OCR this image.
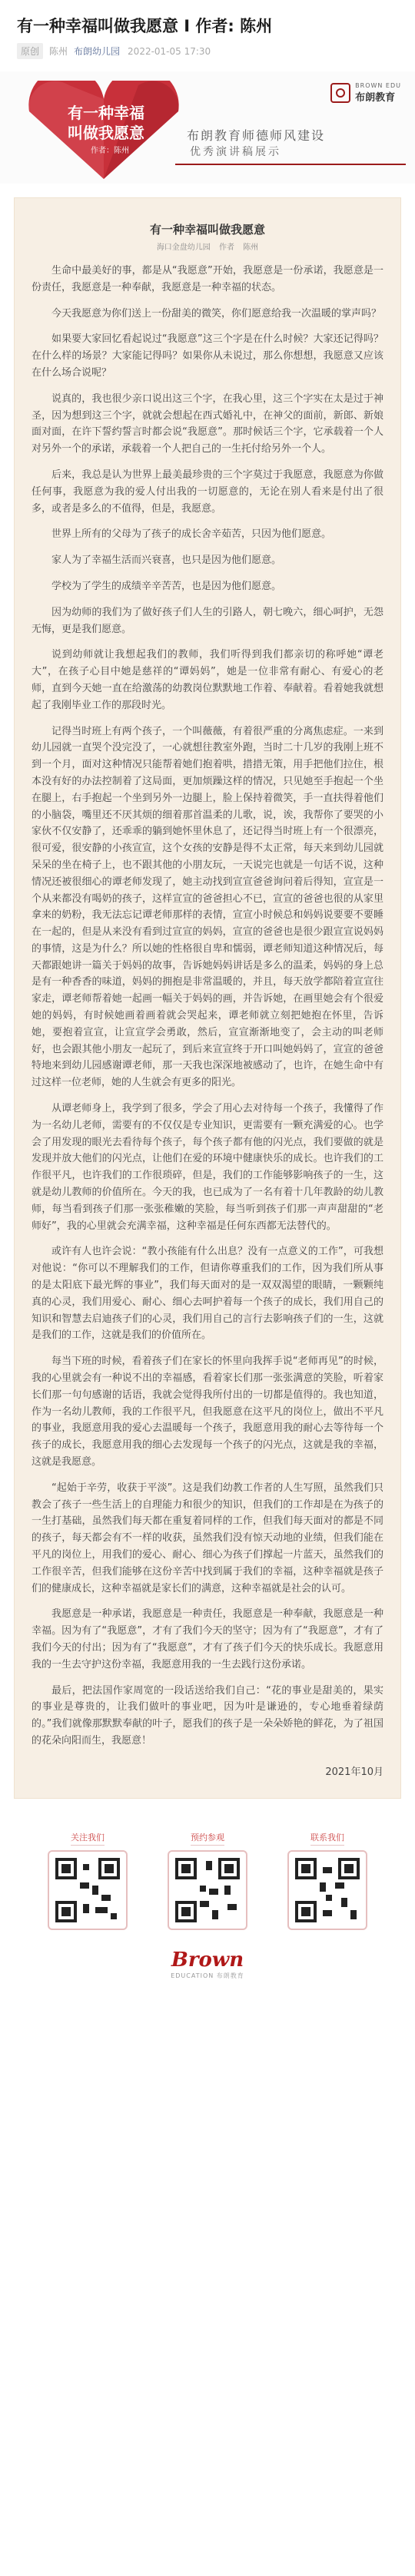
有一种幸福叫做我愿意 I 作者: 陈州
原创	陈州 布朗幼儿园 2022-01-05 17:30
有一种幸福
叫做我愿意
作者：陈州
BROWN EDU
布朗教育
布朗教育师德师风建设
优秀演讲稿展示
有一种幸福叫做我愿意
海口金盘幼儿园 作者 陈州

生命中最美好的事，都是从“我愿意”开始，我愿意是一份承诺，我愿意是一份责任，我愿意是一种奉献，我愿意是一种幸福的状态。

今天我愿意为你们送上一份甜美的微笑，你们愿意给我一次温暖的掌声吗？

如果要大家回忆看起说过“我愿意”这三个字是在什么时候？大家还记得吗？在什么样的场景？大家能记得吗？如果你从未说过，那么你想想，我愿意又应该在什么场合说呢？

说真的，我也很少亲口说出这三个字，在我心里，这三个字实在太是过于神圣，因为想到这三个字，就就会想起在西式婚礼中，在神父的面前，新郎、新娘面对面，在许下誓约誓言时都会说“我愿意”。那时候话三个字，它承载着一个人对另外一个的承诺，承载着一个人把自己的一生托付给另外一个人。

后来，我总是认为世界上最美最珍贵的三个字莫过于我愿意，我愿意为你做任何事，我愿意为我的爱人付出我的一切愿意的，无论在别人看来是付出了很多，或者是多么的不值得，但是，我愿意。

世界上所有的父母为了孩子的成长舍辛茹苦，只因为他们愿意。

家人为了幸福生活而兴衰喜，也只是因为他们愿意。

学校为了学生的成绩辛辛苦苦，也是因为他们愿意。

因为幼师的我们为了做好孩子们人生的引路人，朝七晚六，细心呵护，无怨无悔，更是我们愿意。

说到幼师就让我想起我们的教师，我们听得到我们都亲切的称呼她“谭老大”，在孩子心目中她是慈祥的“谭妈妈”，她是一位非常有耐心、有爱心的老师，直到今天她一直在给激荡的幼教岗位默默地工作着、奉献着。看着她我就想起了我刚毕业工作的那段时光。

记得当时班上有两个孩子，一个叫薇薇，有着很严重的分离焦虑症。一来到幼儿园就一直哭个没完没了，一心就想往教室外跑，当时二十几岁的我刚上班不到一个月，面对这种情况只能帮着她们抱着哄，措措无策，用手把他们拉住，根本没有好的办法控制着了这局面，更加烦躁这样的情况，只见她至手抱起一个坐在腿上，右手抱起一个坐到另外一边腿上，脸上保持着微笑，手一直扶得着他们的小脑袋，嘴里还不厌其烦的细着那首温柔的儿歌，说，诶，我帮你了要哭的小家伙不仅安静了，还乖乖的躺到她怀里休息了，还记得当时班上有一个很漂亮，很可爱，很安静的小孩宣宣，这个女孩的安静是得不太正常，每天来到幼儿园就呆呆的坐在椅子上，也不跟其他的小朋友玩，一天说完也就是一句话不说，这种情况还被很细心的谭老师发现了，她主动找到宣宣爸爸询问着后得知，宣宣是一个从来都没有喝奶的孩子，这样宣宣的爸爸担心不已，宣宣的爸爸也很的从家里拿来的奶粉，我无法忘记谭老师那样的表情，宣宣小时候总和妈妈说要要不要睡在一起的，但是从来没有看到过宣宣的妈妈，宣宣的爸爸也是很少跟宣宣说妈妈的事情，这是为什么？所以她的性格很自卑和懦弱，谭老师知道这种情况后，每天都跟她讲一篇关于妈妈的故事，告诉她妈妈讲话是多么的温柔，妈妈的身上总是有一种香香的味道，妈妈的拥抱是非常温暖的，并且，每天放学都陪着宣宣往家走，谭老师帮着她一起画一幅关于妈妈的画，并告诉她，在画里她会有个很爱她的妈妈，有时候她画着画着就会哭起来，谭老师就立刻把她抱在怀里，告诉她，要抱着宣宣，让宣宣学会勇敢，然后，宣宣渐渐地变了，会主动的叫老师好，也会跟其他小朋友一起玩了，到后来宣宣终于开口叫她妈妈了，宣宣的爸爸特地来到幼儿园感谢谭老师，那一天我也深深地被感动了，也许，在她生命中有过这样一位老师，她的人生就会有更多的阳光。

从谭老师身上，我学到了很多，学会了用心去对待每一个孩子，我懂得了作为一名幼儿老师，需要有的不仅仅是专业知识，更需要有一颗充满爱的心。也学会了用发现的眼光去看待每个孩子，每个孩子都有他的闪光点，我们要做的就是发现并放大他们的闪光点，让他们在爱的环境中健康快乐的成长。也许我们的工作很平凡，也许我们的工作很琐碎，但是，我们的工作能够影响孩子的一生，这就是幼儿教师的价值所在。今天的我，也已成为了一名有着十几年教龄的幼儿教师，每当看到孩子们那一张张稚嫩的笑脸，每当听到孩子们那一声声甜甜的“老师好”，我的心里就会充满幸福，这种幸福是任何东西都无法替代的。

或许有人也许会说：“教小孩能有什么出息？没有一点意义的工作”，可我想对他说：“你可以不理解我们的工作，但请你尊重我们的工作，因为我们所从事的是太阳底下最光辉的事业”，我们每天面对的是一双双渴望的眼睛，一颗颗纯真的心灵，我们用爱心、耐心、细心去呵护着每一个孩子的成长，我们用自己的知识和智慧去启迪孩子们的心灵，我们用自己的言行去影响孩子们的一生，这就是我们的工作，这就是我们的价值所在。

每当下班的时候，看着孩子们在家长的怀里向我挥手说“老师再见”的时候，我的心里就会有一种说不出的幸福感，看着家长们那一张张满意的笑脸，听着家长们那一句句感谢的话语，我就会觉得我所付出的一切都是值得的。我也知道，作为一名幼儿教师，我的工作很平凡，但我愿意在这平凡的岗位上，做出不平凡的事业，我愿意用我的爱心去温暖每一个孩子，我愿意用我的耐心去等待每一个孩子的成长，我愿意用我的细心去发现每一个孩子的闪光点，这就是我的幸福，这就是我愿意。

“起始于辛劳，收获于平淡”。这是我们幼教工作者的人生写照，虽然我们只教会了孩子一些生活上的自理能力和很少的知识，但我们的工作却是在为孩子的一生打基础，虽然我们每天都在重复着同样的工作，但我们每天面对的都是不同的孩子，每天都会有不一样的收获，虽然我们没有惊天动地的业绩，但我们能在平凡的岗位上，用我们的爱心、耐心、细心为孩子们撑起一片蓝天，虽然我们的工作很辛苦，但我们能够在这份辛苦中找到属于我们的幸福，这种幸福就是孩子们的健康成长，这种幸福就是家长们的满意，这种幸福就是社会的认可。

我愿意是一种承诺，我愿意是一种责任，我愿意是一种奉献，我愿意是一种幸福。因为有了“我愿意”，才有了我们今天的坚守；因为有了“我愿意”，才有了我们今天的付出；因为有了“我愿意”，才有了孩子们今天的快乐成长。我愿意用我的一生去守护这份幸福，我愿意用我的一生去践行这份承诺。

最后，把法国作家周宽的一段话送给我们自己：“花的事业是甜美的，果实的事业是尊贵的，让我们做叶的事业吧，因为叶是谦逊的，专心地垂着绿荫的。”我们就像那默默奉献的叶子，愿我们的孩子是一朵朵娇艳的鲜花，为了祖国的花朵向阳而生，我愿意！

2021年10月
关注我们	预约参观	联系我们
Brown
EDUCATION 布朗教育
